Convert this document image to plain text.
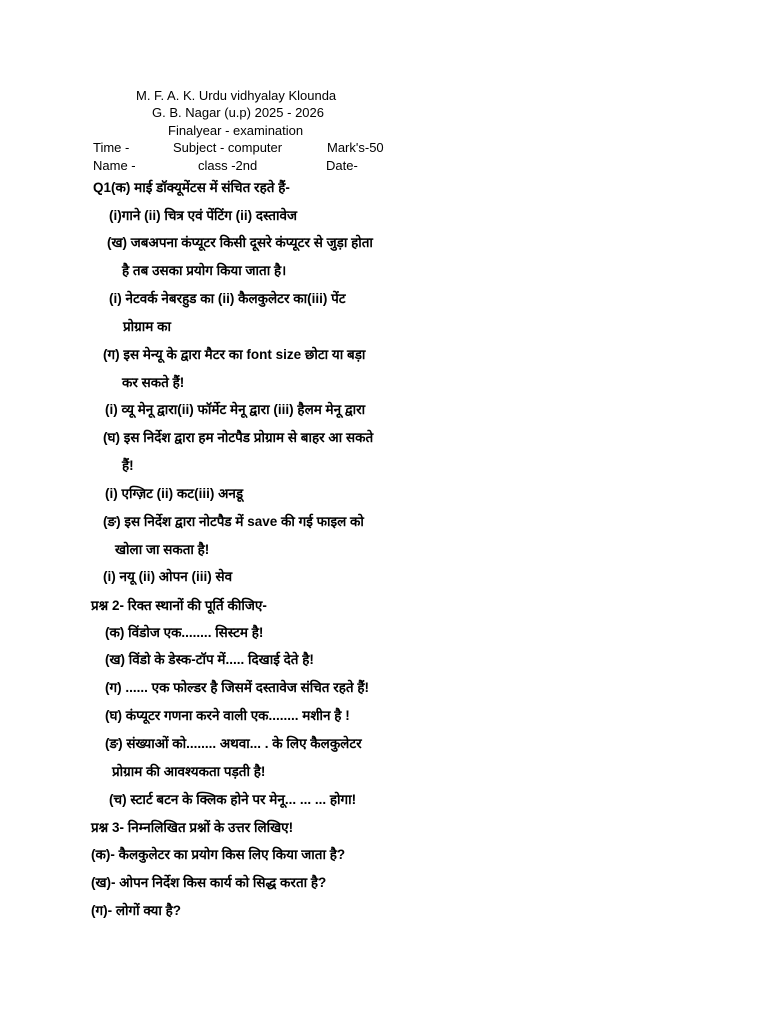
M. F. A. K. Urdu vidhyalay Klounda
G. B. Nagar (u.p) 2025 - 2026
Finalyear - examination
Time -	Subject - computer	Mark's-50
Name -	class -2nd	Date-
Q1(क) माई डॉक्यूमेंटस में संचित रहते हैं-
(i)गाने (ii) चित्र एवं पेंटिंग (ii) दस्तावेज
(ख) जबअपना कंप्यूटर किसी दूसरे कंप्यूटर से जुड़ा होता
है तब उसका प्रयोग किया जाता है।
(i) नेटवर्क नेबरहुड का (ii) कैलकुलेटर का(iii) पेंट
प्रोग्राम का
(ग) इस मेन्यू के द्वारा मैटर का font size छोटा या बड़ा
कर सकते हैं!
(i) व्यू मेनू द्वारा(ii) फॉर्मेट मेनू द्वारा (iii) हैलम मेनू द्वारा
(घ) इस निर्देश द्वारा हम नोटपैड प्रोग्राम से बाहर आ सकते
हैं!
(i) एग्ज़िट (ii) कट(iii) अनडू
(ङ) इस निर्देश द्वारा नोटपैड में save की गई फाइल को
खोला जा सकता है!
(i) नयू (ii) ओपन (iii) सेव
प्रश्न 2- रिक्त स्थानों की पूर्ति कीजिए-
(क) विंडोज एक........ सिस्टम है!
(ख) विंडो के डेस्क-टॉप में..... दिखाई देते है!
(ग) ...... एक फोल्डर है जिसमें दस्तावेज संचित रहते हैं!
(घ) कंप्यूटर गणना करने वाली एक........ मशीन है !
(ङ) संख्याओं को........ अथवा... . के लिए कैलकुलेटर
प्रोग्राम की आवश्यकता पड़ती है!
(च) स्टार्ट बटन के क्लिक होने पर मेनू... ... ... होगा!
प्रश्न 3- निम्नलिखित प्रश्नों के उत्तर लिखिए!
(क)- कैलकुलेटर का प्रयोग किस लिए किया जाता है?
(ख)- ओपन निर्देश किस कार्य को सिद्ध करता है?
(ग)- लोगों क्या है?
